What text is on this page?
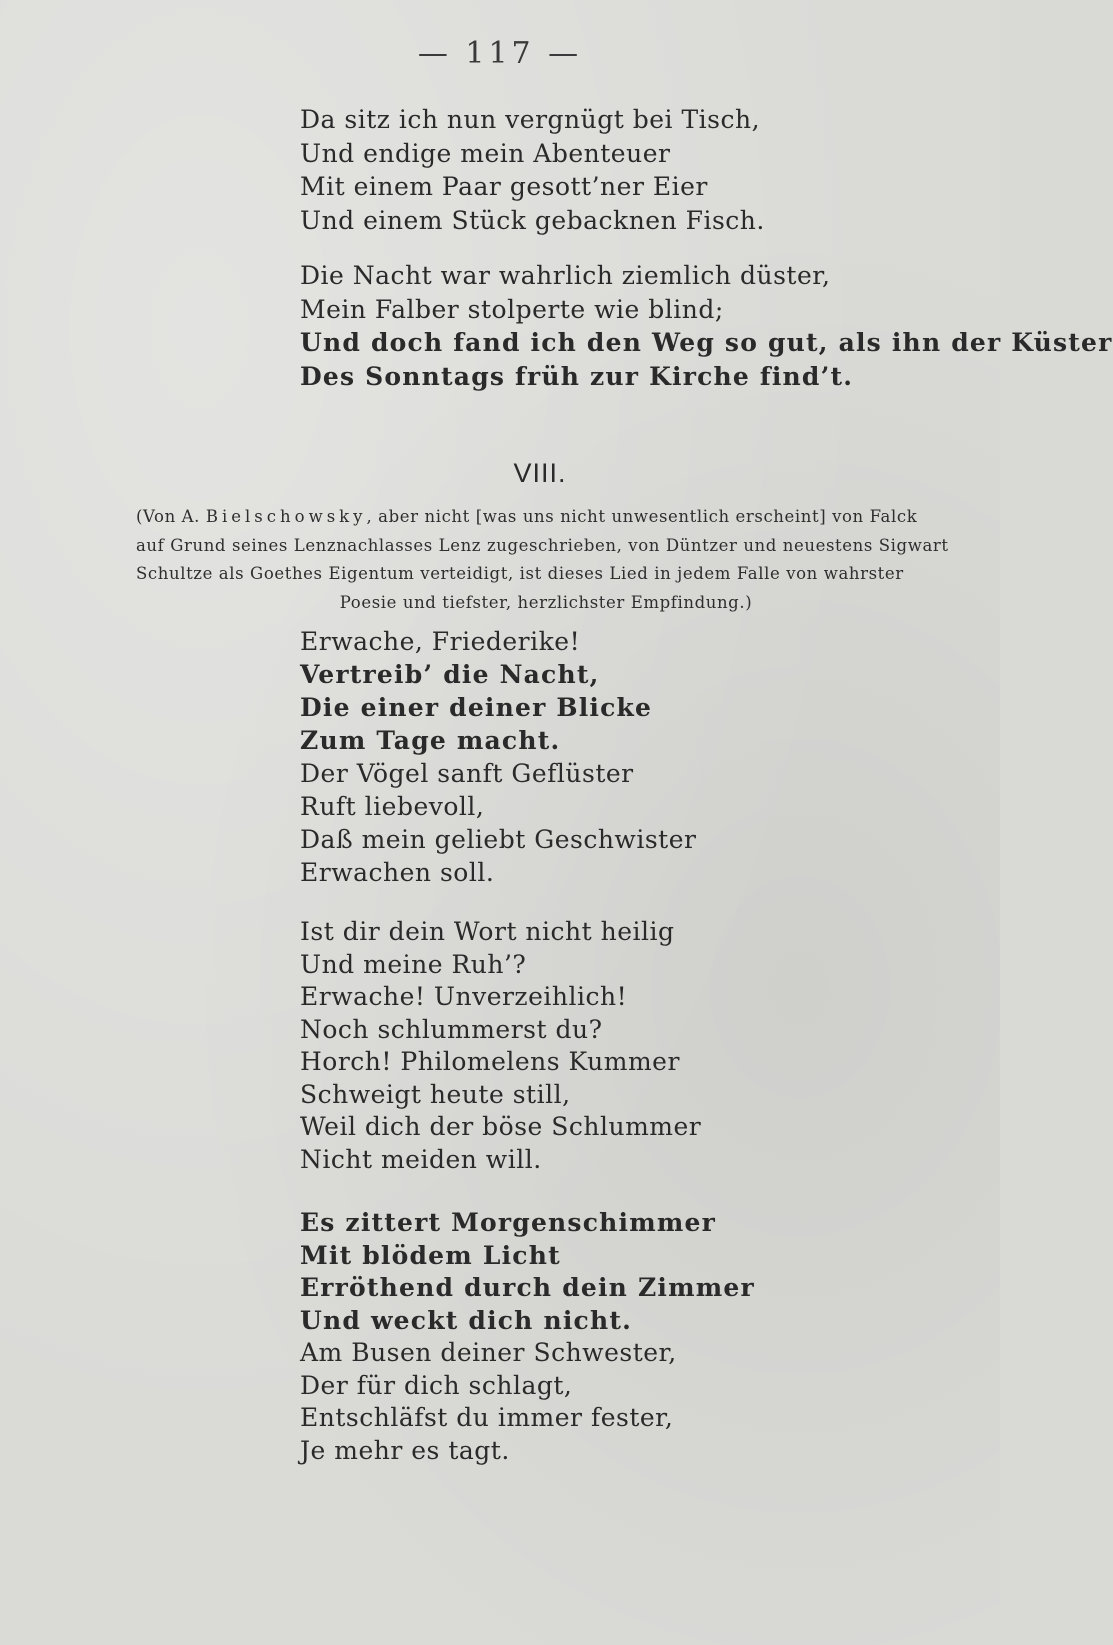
— 117 —
Da sitz ich nun vergnügt bei Tisch,
Und endige mein Abenteuer
Mit einem Paar gesott’ner Eier
Und einem Stück gebacknen Fisch.
Die Nacht war wahrlich ziemlich düster,
Mein Falber stolperte wie blind;
Und doch fand ich den Weg so gut, als ihn der Küster
Des Sonntags früh zur Kirche find’t.
VIII.
(Von A. Bielschowsky, aber nicht [was uns nicht unwesentlich erscheint] von Falck
auf Grund seines Lenznachlasses Lenz zugeschrieben, von Düntzer und neuestens Sigwart
Schultze als Goethes Eigentum verteidigt, ist dieses Lied in jedem Falle von wahrster
Poesie und tiefster, herzlichster Empfindung.)
Erwache, Friederike!
Vertreib’ die Nacht,
Die einer deiner Blicke
Zum Tage macht.
Der Vögel sanft Geflüster
Ruft liebevoll,
Daß mein geliebt Geschwister
Erwachen soll.
Ist dir dein Wort nicht heilig
Und meine Ruh’?
Erwache! Unverzeihlich!
Noch schlummerst du?
Horch! Philomelens Kummer
Schweigt heute still,
Weil dich der böse Schlummer
Nicht meiden will.
Es zittert Morgenschimmer
Mit blödem Licht
Erröthend durch dein Zimmer
Und weckt dich nicht.
Am Busen deiner Schwester,
Der für dich schlagt,
Entschläfst du immer fester,
Je mehr es tagt.
